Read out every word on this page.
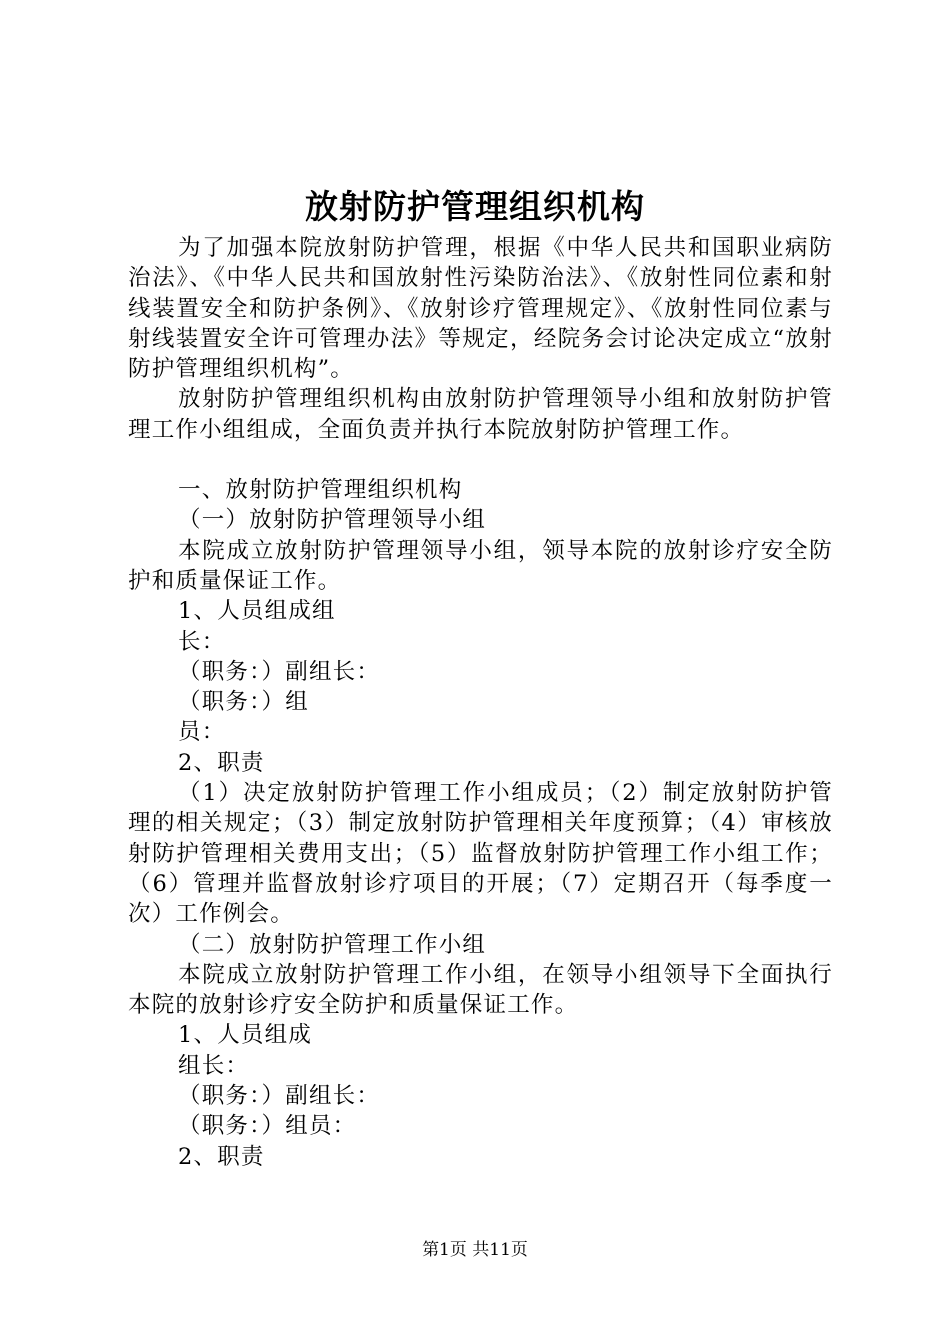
放射防护管理组织机构

为了加强本院放射防护管理，根据《中华人民共和国职业病防治法》、《中华人民共和国放射性污染防治法》、《放射性同位素和射线装置安全和防护条例》、《放射诊疗管理规定》、《放射性同位素与射线装置安全许可管理办法》等规定，经院务会讨论决定成立“放射防护管理组织机构”。

放射防护管理组织机构由放射防护管理领导小组和放射防护管理工作小组组成，全面负责并执行本院放射防护管理工作。

一、放射防护管理组织机构

（一）放射防护管理领导小组

本院成立放射防护管理领导小组，领导本院的放射诊疗安全防护和质量保证工作。

1、人员组成组

长：

（职务：）副组长：

（职务：）组

员：

2、职责

（1）决定放射防护管理工作小组成员；（2）制定放射防护管理的相关规定；（3）制定放射防护管理相关年度预算；（4）审核放射防护管理相关费用支出；（5）监督放射防护管理工作小组工作；（6）管理并监督放射诊疗项目的开展；（7）定期召开（每季度一次）工作例会。

（二）放射防护管理工作小组

本院成立放射防护管理工作小组，在领导小组领导下全面执行本院的放射诊疗安全防护和质量保证工作。

1、人员组成

组长：

（职务：）副组长：

（职务：）组员：

2、职责

第1页 共11页
